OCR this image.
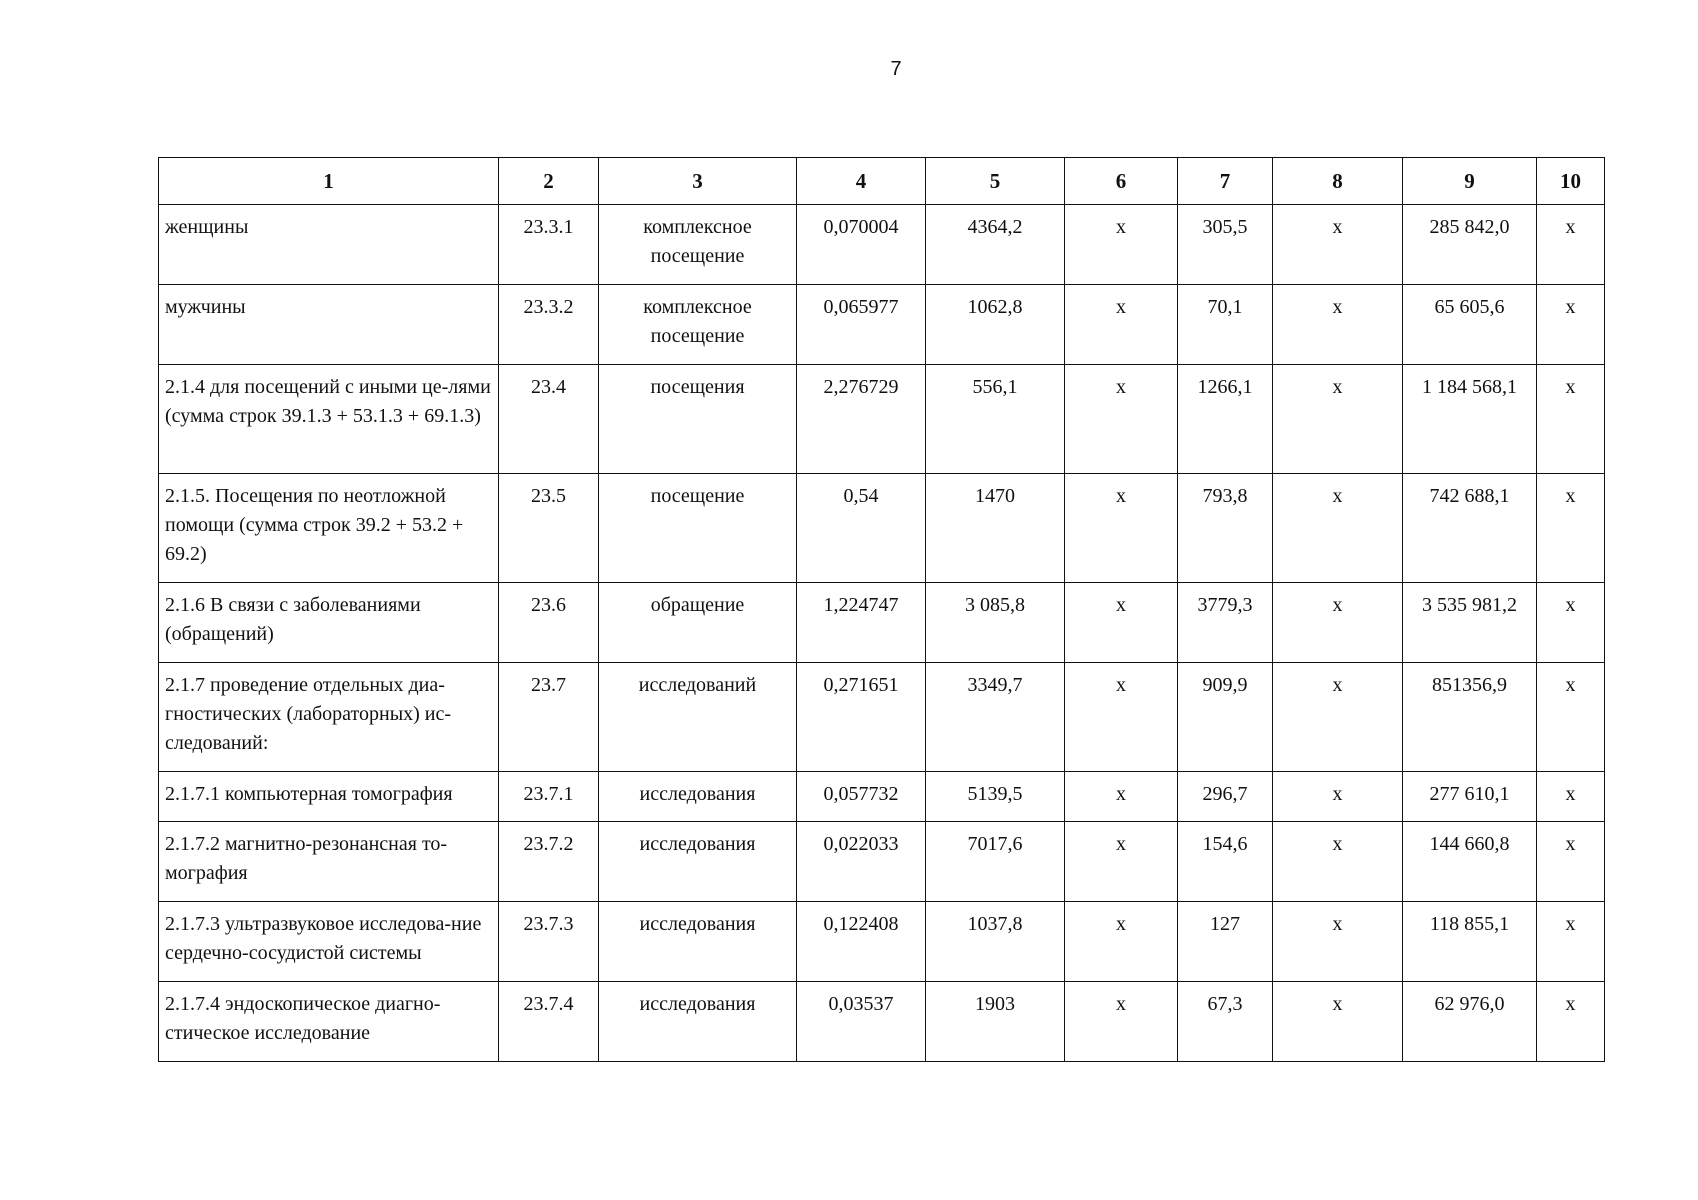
7
1	2	3	4	5	6	7	8	9	10
женщины	23.3.1	комплексное посещение	0,070004	4364,2	x	305,5	x	285 842,0	x
мужчины	23.3.2	комплексное посещение	0,065977	1062,8	x	70,1	x	65 605,6	x
2.1.4 для посещений с иными це-лями (сумма строк 39.1.3 + 53.1.3 + 69.1.3)	23.4	посещения	2,276729	556,1	x	1266,1	x	1 184 568,1	x
2.1.5. Посещения по неотложной помощи (сумма строк 39.2 + 53.2 + 69.2)	23.5	посещение	0,54	1470	x	793,8	x	742 688,1	x
2.1.6 В связи с заболеваниями (обращений)	23.6	обращение	1,224747	3 085,8	x	3779,3	x	3 535 981,2	x
2.1.7 проведение отдельных диа-гностических (лабораторных) ис-следований:	23.7	исследований	0,271651	3349,7	x	909,9	x	851356,9	x
2.1.7.1 компьютерная томография	23.7.1	исследования	0,057732	5139,5	x	296,7	x	277 610,1	x
2.1.7.2 магнитно-резонансная то-мография	23.7.2	исследования	0,022033	7017,6	x	154,6	x	144 660,8	x
2.1.7.3 ультразвуковое исследова-ние сердечно-сосудистой системы	23.7.3	исследования	0,122408	1037,8	x	127	x	118 855,1	x
2.1.7.4 эндоскопическое диагно-стическое исследование	23.7.4	исследования	0,03537	1903	x	67,3	x	62 976,0	x
